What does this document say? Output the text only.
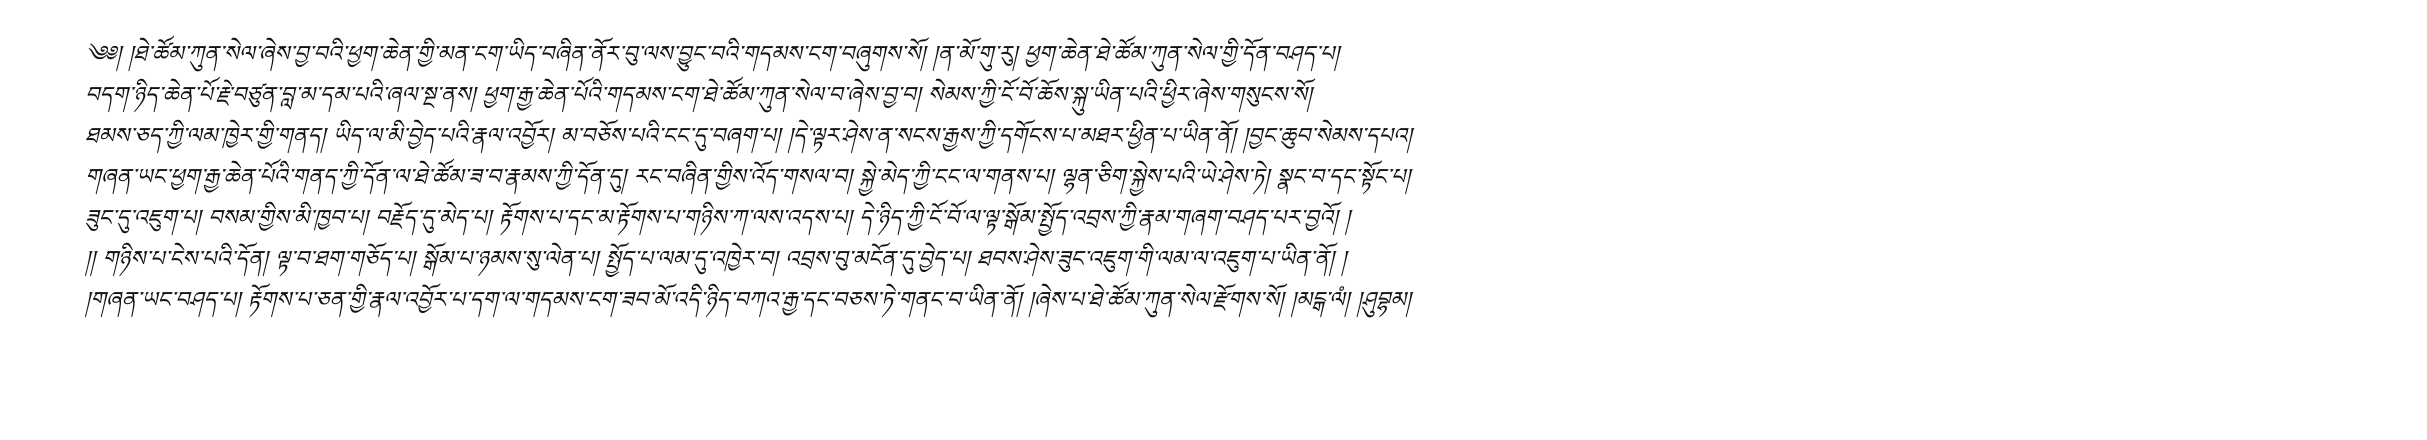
༄༅། །ཐེ་ཚོམ་ཀུན་སེལ་ཞེས་བྱ་བའི་ཕྱག་ཆེན་གྱི་མན་ངག་ཡིད་བཞིན་ནོར་བུ་ལས་བྱུང་བའི་གདམས་ངག་བཞུགས་སོ། །ན་མོ་གུ་རུ། ཕྱག་ཆེན་ཐེ་ཚོམ་ཀུན་སེལ་གྱི་དོན་བཤད་པ།
བདག་ཉིད་ཆེན་པོ་རྗེ་བཙུན་བླ་མ་དམ་པའི་ཞལ་སྔ་ནས། ཕྱག་རྒྱ་ཆེན་པོའི་གདམས་ངག་ཐེ་ཚོམ་ཀུན་སེལ་བ་ཞེས་བྱ་བ། སེམས་ཀྱི་ངོ་བོ་ཆོས་སྐུ་ཡིན་པའི་ཕྱིར་ཞེས་གསུངས་སོ།
ཐམས་ཅད་ཀྱི་ལམ་ཁྱེར་གྱི་གནད། ཡིད་ལ་མི་བྱེད་པའི་རྣལ་འབྱོར། མ་བཅོས་པའི་ངང་དུ་བཞག་པ། །དེ་ལྟར་ཤེས་ན་སངས་རྒྱས་ཀྱི་དགོངས་པ་མཐར་ཕྱིན་པ་ཡིན་ནོ། །བྱང་ཆུབ་སེམས་དཔའ།
གཞན་ཡང་ཕྱག་རྒྱ་ཆེན་པོའི་གནད་ཀྱི་དོན་ལ་ཐེ་ཚོམ་ཟ་བ་རྣམས་ཀྱི་དོན་དུ། རང་བཞིན་གྱིས་འོད་གསལ་བ། སྐྱེ་མེད་ཀྱི་ངང་ལ་གནས་པ། ལྷན་ཅིག་སྐྱེས་པའི་ཡེ་ཤེས་ཏེ། སྣང་བ་དང་སྟོང་པ།
ཟུང་དུ་འཇུག་པ། བསམ་གྱིས་མི་ཁྱབ་པ། བརྗོད་དུ་མེད་པ། རྟོགས་པ་དང་མ་རྟོགས་པ་གཉིས་ཀ་ལས་འདས་པ། དེ་ཉིད་ཀྱི་ངོ་བོ་ལ་ལྟ་སྒོམ་སྤྱོད་འབྲས་ཀྱི་རྣམ་གཞག་བཤད་པར་བྱའོ། །
།། གཉིས་པ་ངེས་པའི་དོན། ལྟ་བ་ཐག་གཅོད་པ། སྒོམ་པ་ཉམས་སུ་ལེན་པ། སྤྱོད་པ་ལམ་དུ་འཁྱེར་བ། འབྲས་བུ་མངོན་དུ་བྱེད་པ། ཐབས་ཤེས་ཟུང་འཇུག་གི་ལམ་ལ་འཇུག་པ་ཡིན་ནོ། །
།གཞན་ཡང་བཤད་པ། རྟོགས་པ་ཅན་གྱི་རྣལ་འབྱོར་པ་དག་ལ་གདམས་ངག་ཟབ་མོ་འདི་ཉིད་བཀའ་རྒྱ་དང་བཅས་ཏེ་གནང་བ་ཡིན་ནོ། །ཞེས་པ་ཐེ་ཚོམ་ཀུན་སེལ་རྫོགས་སོ། །མངྒ་ལཾ། །ཤུབྷམ།
